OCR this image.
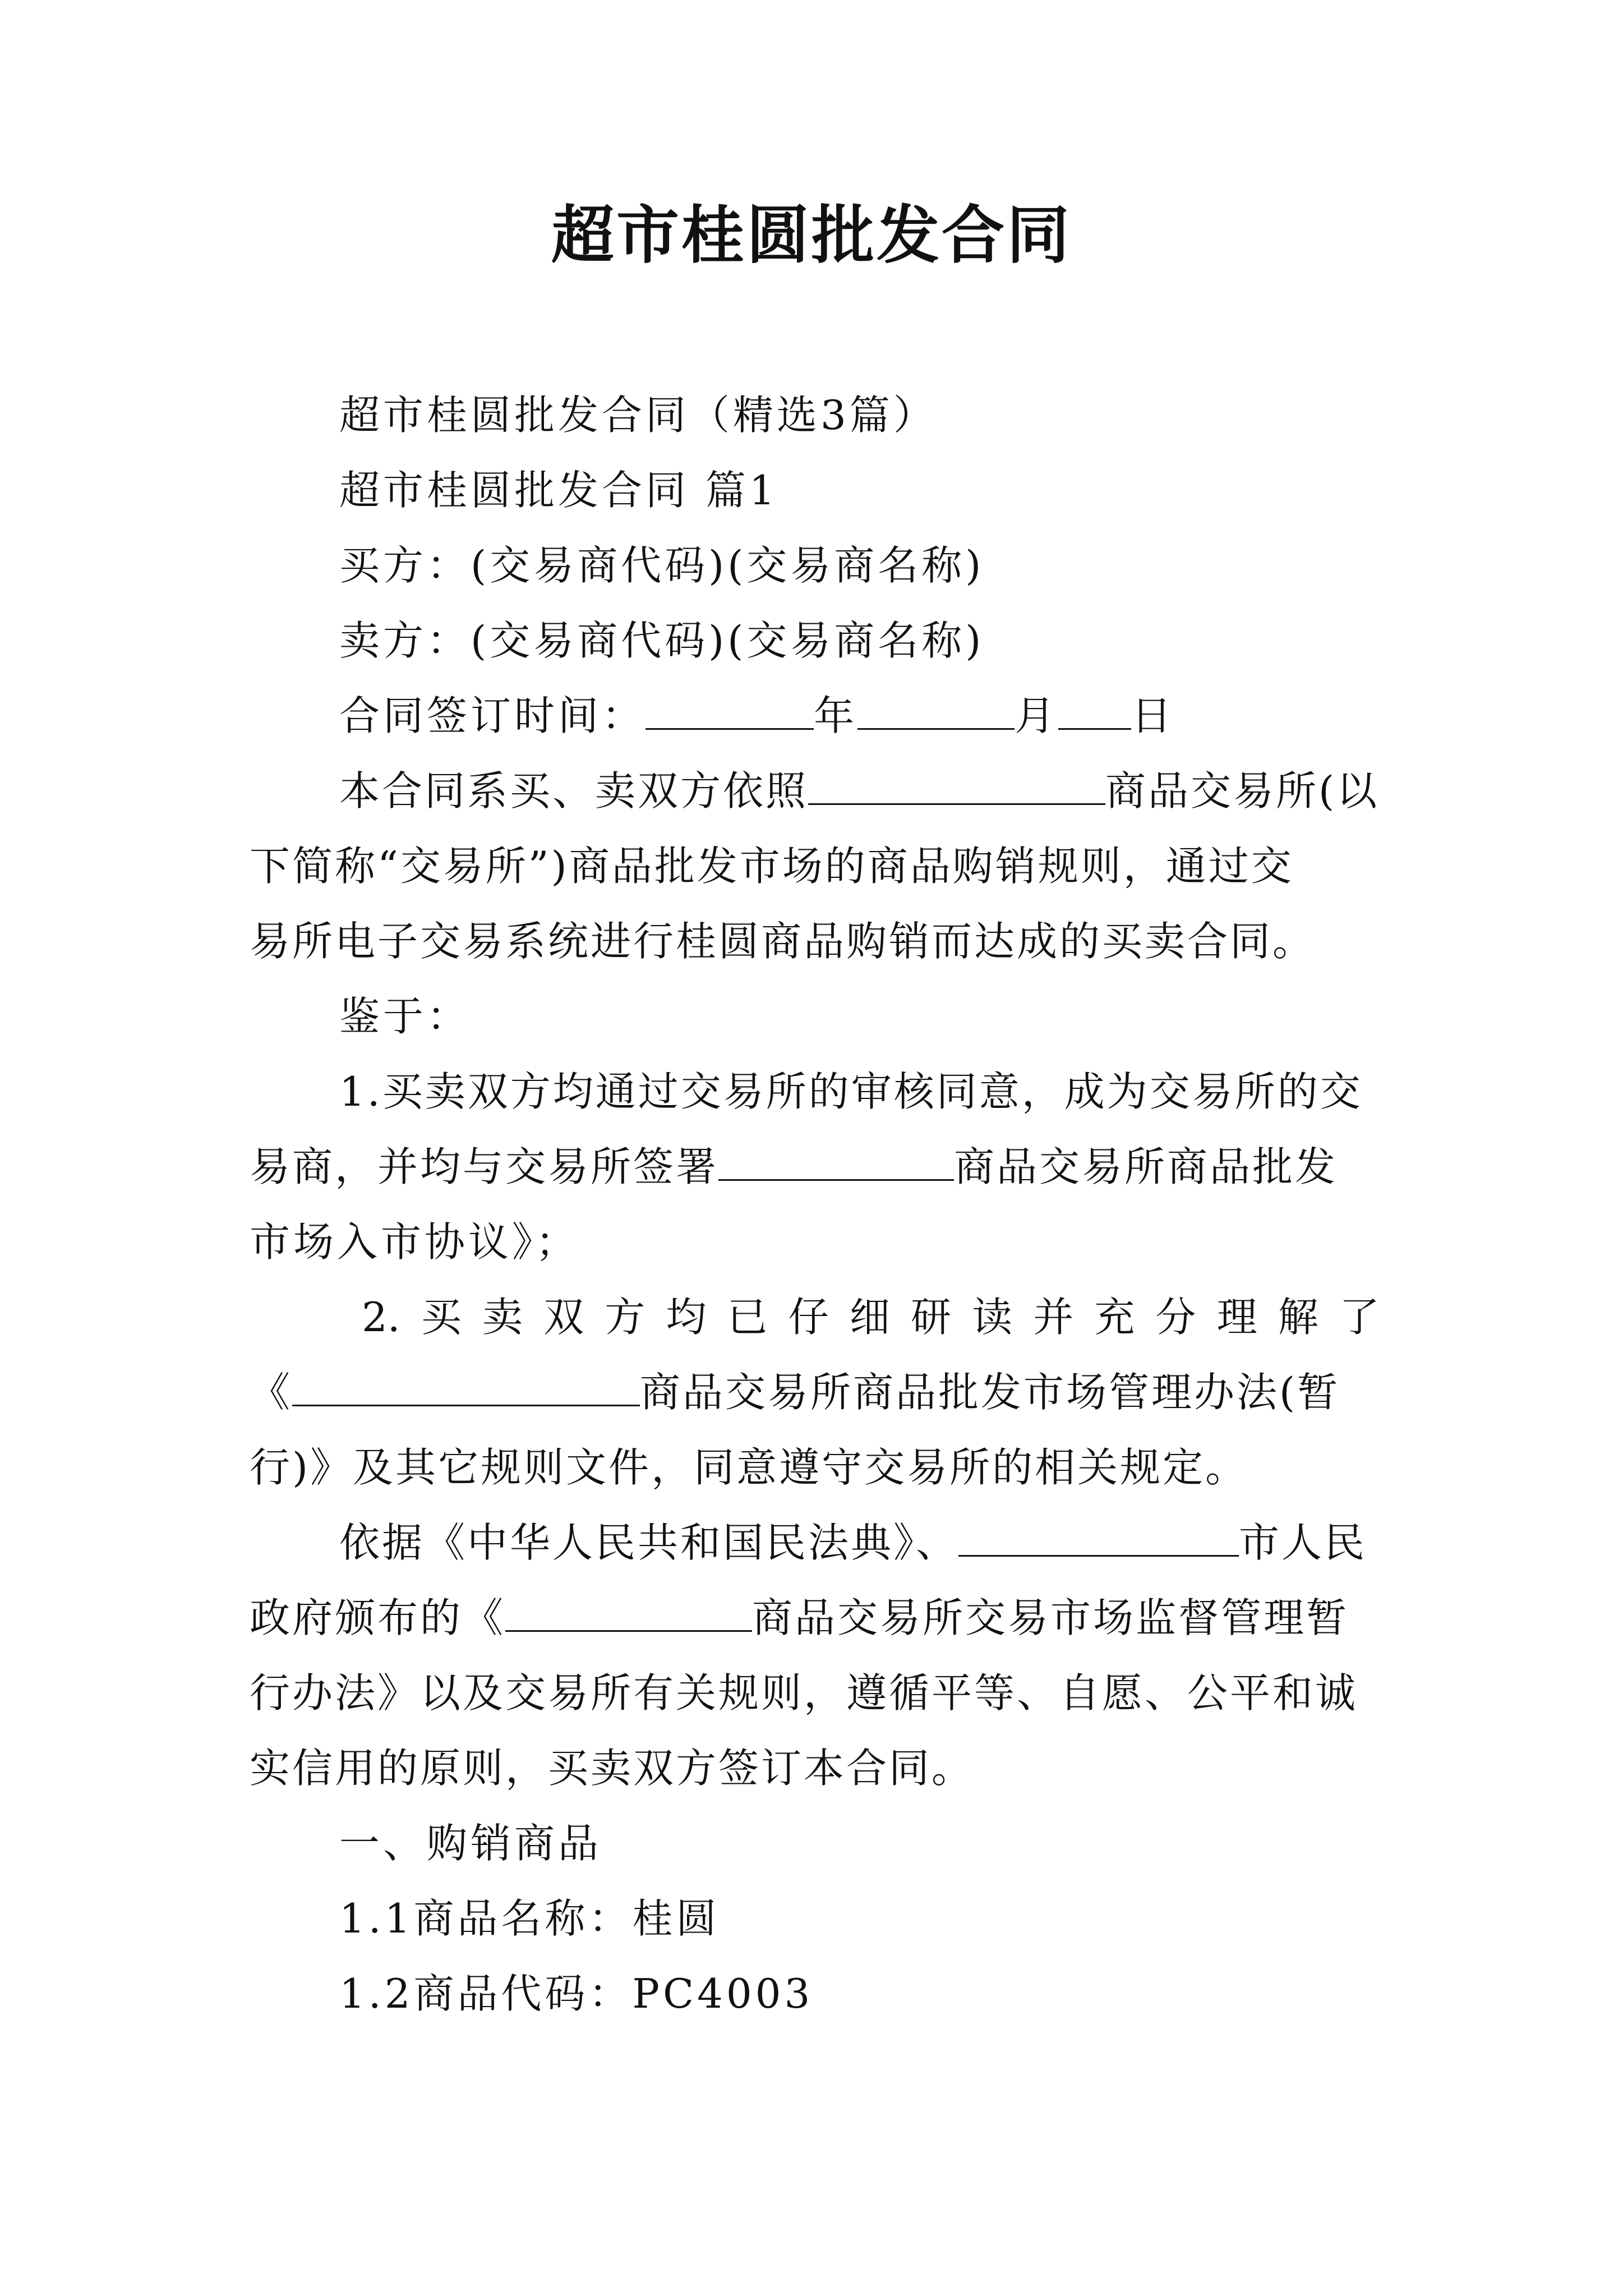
超市桂圆批发合同
超市桂圆批发合同（精选3篇）
超市桂圆批发合同 篇1
买方：(交易商代码)(交易商名称)
卖方：(交易商代码)(交易商名称)
合同签订时间：	年	月 日
本合同系买、卖双方依照	商品交易所(以
下简称“交易所”)商品批发市场的商品购销规则，通过交
易所电子交易系统进行桂圆商品购销而达成的买卖合同。
鉴于：
1.买卖双方均通过交易所的审核同意，成为交易所的交
易商，并均与交易所签署	商品交易所商品批发
市场入市协议》；
2.买卖双方均已仔细研读并充分理解了
《	商品交易所商品批发市场管理办法(暂
行)》及其它规则文件，同意遵守交易所的相关规定。
依据《中华人民共和国民法典》、	市人民
政府颁布的《	商品交易所交易市场监督管理暂
行办法》以及交易所有关规则，遵循平等、自愿、公平和诚
实信用的原则，买卖双方签订本合同。
一、购销商品
1.1商品名称：桂圆
1.2商品代码：PC4003
